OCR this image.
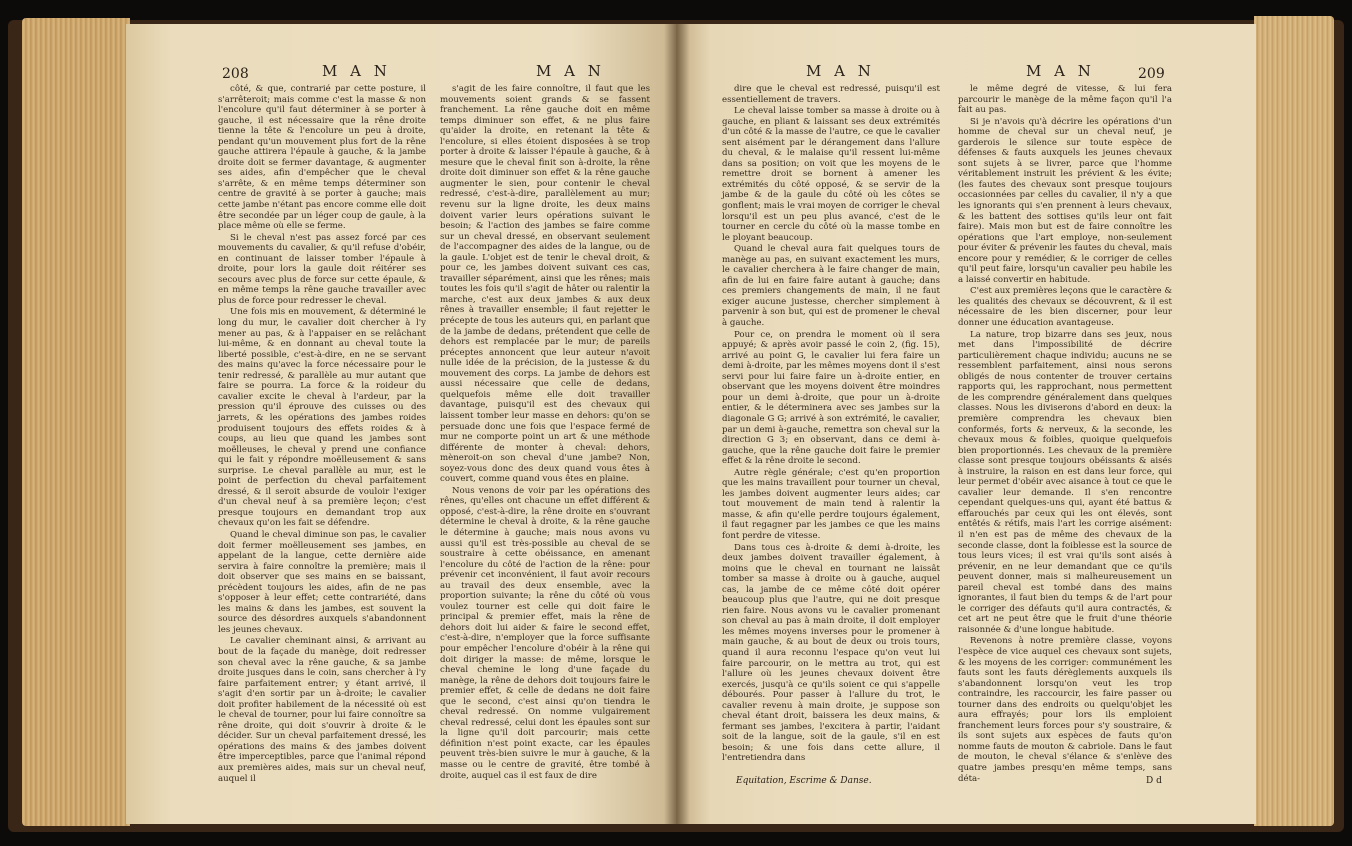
208	M A N	M A N

côté, & que, contrarié par cette posture, il s'arrêteroit; mais comme c'est la masse & non l'encolure qu'il faut déterminer à se porter à gauche, il est nécessaire que la rêne droite tienne la tête & l'encolure un peu à droite, pendant qu'un mouvement plus fort de la rêne gauche attirera l'épaule à gauche, & la jambe droite doit se fermer davantage, & augmenter ses aides, afin d'empêcher que le cheval s'arrête, & en même temps déterminer son centre de gravité à se porter à gauche; mais cette jambe n'étant pas encore comme elle doit être secondée par un léger coup de gaule, à la place même où elle se ferme.

Si le cheval n'est pas assez forcé par ces mouvements du cavalier, & qu'il refuse d'obéir, en continuant de laisser tomber l'épaule à droite, pour lors la gaule doit réitérer ses secours avec plus de force sur cette épaule, & en même temps la rêne gauche travailler avec plus de force pour redresser le cheval.

Une fois mis en mouvement, & déterminé le long du mur, le cavalier doit chercher à l'y mener au pas, & à l'appaiser en se relâchant lui-même, & en donnant au cheval toute la liberté possible, c'est-à-dire, en ne se servant des mains qu'avec la force nécessaire pour le tenir redressé, & parallèle au mur autant que faire se pourra. La force & la roideur du cavalier excite le cheval à l'ardeur, par la pression qu'il éprouve des cuisses ou des jarrets, & les opérations des jambes roides produisent toujours des effets roides & à coups, au lieu que quand les jambes sont moëlleuses, le cheval y prend une confiance qui le fait y répondre moëlleusement & sans surprise. Le cheval parallèle au mur, est le point de perfection du cheval parfaitement dressé, & il seroit absurde de vouloir l'exiger d'un cheval neuf à sa première leçon; c'est presque toujours en demandant trop aux chevaux qu'on les fait se défendre.

Quand le cheval diminue son pas, le cavalier doit fermer moëlleusement ses jambes, en appelant de la langue, cette dernière aide servira à faire connoître la première; mais il doit observer que ses mains en se baissant, précèdent toujours les aides, afin de ne pas s'opposer à leur effet; cette contrariété, dans les mains & dans les jambes, est souvent la source des désordres auxquels s'abandonnent les jeunes chevaux.

Le cavalier cheminant ainsi, & arrivant au bout de la façade du manège, doit redresser son cheval avec la rêne gauche, & sa jambe droite jusques dans le coin, sans chercher à l'y faire parfaitement entrer; y étant arrivé, il s'agit d'en sortir par un à-droite; le cavalier doit profiter habilement de la nécessité où est le cheval de tourner, pour lui faire connoître sa rêne droite, qui doit s'ouvrir à droite & le décider. Sur un cheval parfaitement dressé, les opérations des mains & des jambes doivent être imperceptibles, parce que l'animal répond aux premières aides, mais sur un cheval neuf, auquel il

s'agit de les faire connoître, il faut que les mouvements soient grands & se fassent franchement. La rêne gauche doit en même temps diminuer son effet, & ne plus faire qu'aider la droite, en retenant la tête & l'encolure, si elles étoient disposées à se trop porter à droite & laisser l'épaule à gauche, & à mesure que le cheval finit son à-droite, la rêne droite doit diminuer son effet & la rêne gauche augmenter le sien, pour contenir le cheval redressé, c'est-à-dire, parallèlement au mur; revenu sur la ligne droite, les deux mains doivent varier leurs opérations suivant le besoin; & l'action des jambes se faire comme sur un cheval dressé, en observant seulement de l'accompagner des aides de la langue, ou de la gaule. L'objet est de tenir le cheval droit, & pour ce, les jambes doivent suivant ces cas, travailler séparément, ainsi que les rênes; mais toutes les fois qu'il s'agit de hâter ou ralentir la marche, c'est aux deux jambes & aux deux rênes à travailler ensemble; il faut rejetter le précepte de tous les auteurs qui, en parlant que de la jambe de dedans, prétendent que celle de dehors est remplacée par le mur; de pareils préceptes annoncent que leur auteur n'avoit nulle idée de la précision, de la justesse & du mouvement des corps. La jambe de dehors est aussi nécessaire que celle de dedans, quelquefois même elle doit travailler davantage, puisqu'il est des chevaux qui laissent tomber leur masse en dehors: qu'on se persuade donc une fois que l'espace fermé de mur ne comporte point un art & une méthode différente de monter à cheval: dehors, mèneroit-on son cheval d'une jambe? Non, soyez-vous donc des deux quand vous êtes à couvert, comme quand vous êtes en plaine.

Nous venons de voir par les opérations des rênes, qu'elles ont chacune un effet différent & opposé, c'est-à-dire, la rêne droite en s'ouvrant détermine le cheval à droite, & la rêne gauche le détermine à gauche; mais nous avons vu aussi qu'il est très-possible au cheval de se soustraire à cette obéissance, en amenant l'encolure du côté de l'action de la rêne: pour prévenir cet inconvénient, il faut avoir recours au travail des deux ensemble, avec la proportion suivante; la rêne du côté où vous voulez tourner est celle qui doit faire le principal & premier effet, mais la rêne de dehors doit lui aider & faire le second effet, c'est-à-dire, n'employer que la force suffisante pour empêcher l'encolure d'obéir à la rêne qui doit diriger la masse: de même, lorsque le cheval chemine le long d'une façade du manège, la rêne de dehors doit toujours faire le premier effet, & celle de dedans ne doit faire que le second, c'est ainsi qu'on tiendra le cheval redressé. On nomme vulgairement cheval redressé, celui dont les épaules sont sur la ligne qu'il doit parcourir; mais cette définition n'est point exacte, car les épaules peuvent très-bien suivre le mur à gauche, & la masse ou le centre de gravité, être tombé à droite, auquel cas il est faux de dire

M A N	M A N	209

dire que le cheval est redressé, puisqu'il est essentiellement de travers.

Le cheval laisse tomber sa masse à droite ou à gauche, en pliant & laissant ses deux extrémités d'un côté & la masse de l'autre, ce que le cavalier sent aisément par le dérangement dans l'allure du cheval, & le malaise qu'il ressent lui-même dans sa position; on voit que les moyens de le remettre droit se bornent à amener les extrémités du côté opposé, & se servir de la jambe & de la gaule du côté où les côtes se gonflent; mais le vrai moyen de corriger le cheval lorsqu'il est un peu plus avancé, c'est de le tourner en cercle du côté où la masse tombe en le ployant beaucoup.

Quand le cheval aura fait quelques tours de manège au pas, en suivant exactement les murs, le cavalier cherchera à le faire changer de main, afin de lui en faire faire autant à gauche; dans ces premiers changements de main, il ne faut exiger aucune justesse, chercher simplement à parvenir à son but, qui est de promener le cheval à gauche.

Pour ce, on prendra le moment où il sera appuyé; & après avoir passé le coin 2, (fig. 15), arrivé au point G, le cavalier lui fera faire un demi à-droite, par les mêmes moyens dont il s'est servi pour lui faire faire un à-droite entier, en observant que les moyens doivent être moindres pour un demi à-droite, que pour un à-droite entier, & le déterminera avec ses jambes sur la diagonale G G; arrivé à son extrémité, le cavalier, par un demi à-gauche, remettra son cheval sur la direction G 3; en observant, dans ce demi à-gauche, que la rêne gauche doit faire le premier effet & la rêne droite le second.

Autre règle générale; c'est qu'en proportion que les mains travaillent pour tourner un cheval, les jambes doivent augmenter leurs aides; car tout mouvement de main tend à ralentir la masse, & afin qu'elle perdre toujours également, il faut regagner par les jambes ce que les mains font perdre de vitesse.

Dans tous ces à-droite & demi à-droite, les deux jambes doivent travailler également, à moins que le cheval en tournant ne laissât tomber sa masse à droite ou à gauche, auquel cas, la jambe de ce même côté doit opérer beaucoup plus que l'autre, qui ne doit presque rien faire. Nous avons vu le cavalier promenant son cheval au pas à main droite, il doit employer les mêmes moyens inverses pour le promener à main gauche, & au bout de deux ou trois tours, quand il aura reconnu l'espace qu'on veut lui faire parcourir, on le mettra au trot, qui est l'allure où les jeunes chevaux doivent être exercés, jusqu'à ce qu'ils soient ce qui s'appelle débourés. Pour passer à l'allure du trot, le cavalier revenu à main droite, je suppose son cheval étant droit, baissera les deux mains, & fermant ses jambes, l'excitera à partir, l'aidant soit de la langue, soit de la gaule, s'il en est besoin; & une fois dans cette allure, il l'entretiendra dans

le même degré de vitesse, & lui fera parcourir le manège de la même façon qu'il l'a fait au pas.

Si je n'avois qu'à décrire les opérations d'un homme de cheval sur un cheval neuf, je garderois le silence sur toute espèce de défenses & fauts auxquels les jeunes chevaux sont sujets à se livrer, parce que l'homme véritablement instruit les prévient & les évite; (les fautes des chevaux sont presque toujours occasionnées par celles du cavalier, il n'y a que les ignorants qui s'en prennent à leurs chevaux, & les battent des sottises qu'ils leur ont fait faire). Mais mon but est de faire connoître les opérations que l'art employe, non-seulement pour éviter & prévenir les fautes du cheval, mais encore pour y remédier, & le corriger de celles qu'il peut faire, lorsqu'un cavalier peu habile les a laissé convertir en habitude.

C'est aux premières leçons que le caractère & les qualités des chevaux se découvrent, & il est nécessaire de les bien discerner, pour leur donner une éducation avantageuse.

La nature, trop bizarre dans ses jeux, nous met dans l'impossibilité de décrire particulièrement chaque individu; aucuns ne se ressemblent parfaitement, ainsi nous serons obligés de nous contenter de trouver certains rapports qui, les rapprochant, nous permettent de les comprendre généralement dans quelques classes. Nous les diviserons d'abord en deux: la première comprendra les chevaux bien conformés, forts & nerveux, & la seconde, les chevaux mous & foibles, quoique quelquefois bien proportionnés. Les chevaux de la première classe sont presque toujours obéissants & aisés à instruire, la raison en est dans leur force, qui leur permet d'obéir avec aisance à tout ce que le cavalier leur demande. Il s'en rencontre cependant quelques-uns qui, ayant été battus & effarouchés par ceux qui les ont élevés, sont entêtés & rétifs, mais l'art les corrige aisément: il n'en est pas de même des chevaux de la seconde classe, dont la foiblesse est la source de tous leurs vices; il est vrai qu'ils sont aisés à prévenir, en ne leur demandant que ce qu'ils peuvent donner, mais si malheureusement un pareil cheval est tombé dans des mains ignorantes, il faut bien du temps & de l'art pour le corriger des défauts qu'il aura contractés, & cet art ne peut être que le fruit d'une théorie raisonnée & d'une longue habitude.

Revenons à notre première classe, voyons l'espèce de vice auquel ces chevaux sont sujets, & les moyens de les corriger: communément les fauts sont les fauts dérèglements auxquels ils s'abandonnent lorsqu'on veut les trop contraindre, les raccourcir, les faire passer ou tourner dans des endroits ou quelqu'objet les aura effrayés; pour lors ils emploient franchement leurs forces pour s'y soustraire, & ils sont sujets aux espèces de fauts qu'on nomme fauts de mouton & cabriole. Dans le faut de mouton, le cheval s'élance & s'enlève des quatre jambes presqu'en même temps, sans déta-

Equitation, Escrime & Danse.	D d
